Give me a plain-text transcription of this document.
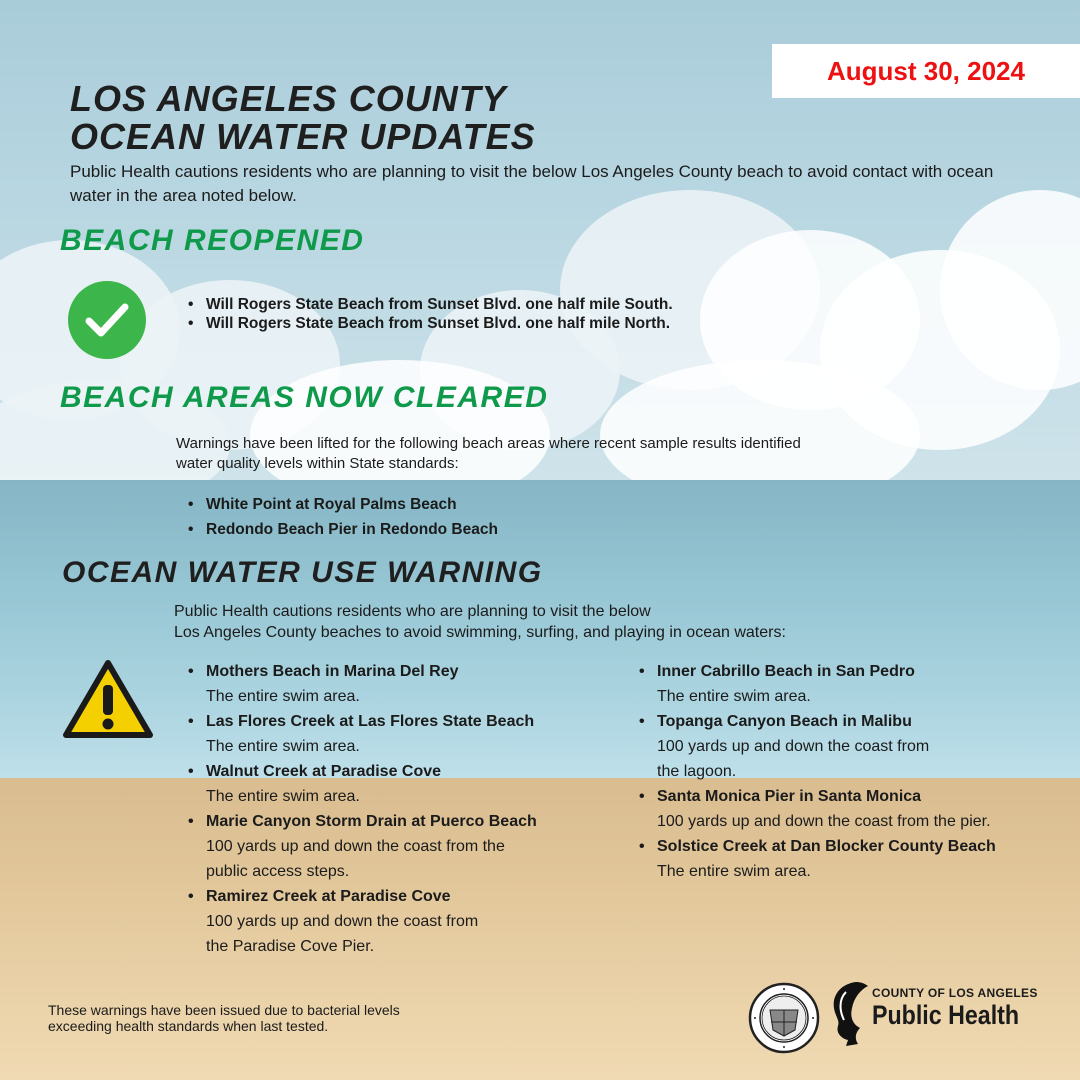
August 30, 2024
LOS ANGELES COUNTY
OCEAN WATER UPDATES

Public Health cautions residents who are planning to visit the below Los Angeles County beach to avoid contact with ocean water in the area noted below.

BEACH REOPENED
• Will Rogers State Beach from Sunset Blvd. one half mile South.
• Will Rogers State Beach from Sunset Blvd. one half mile North.
BEACH AREAS NOW CLEARED

Warnings have been lifted for the following beach areas where recent sample results identified water quality levels within State standards:

• White Point at Royal Palms Beach
• Redondo Beach Pier in Redondo Beach
OCEAN WATER USE WARNING

Public Health cautions residents who are planning to visit the below
Los Angeles County beaches to avoid swimming, surfing, and playing in ocean waters:

• Mothers Beach in Marina Del Rey
The entire swim area.
• Las Flores Creek at Las Flores State Beach
The entire swim area.
• Walnut Creek at Paradise Cove
The entire swim area.
• Marie Canyon Storm Drain at Puerco Beach
100 yards up and down the coast from the
public access steps.
• Ramirez Creek at Paradise Cove
100 yards up and down the coast from
the Paradise Cove Pier.
• Inner Cabrillo Beach in San Pedro
The entire swim area.
• Topanga Canyon Beach in Malibu
100 yards up and down the coast from
the lagoon.
• Santa Monica Pier in Santa Monica
100 yards up and down the coast from the pier.
• Solstice Creek at Dan Blocker County Beach
The entire swim area.

These warnings have been issued due to bacterial levels
exceeding health standards when last tested.

COUNTY OF LOS ANGELES
Public Health
